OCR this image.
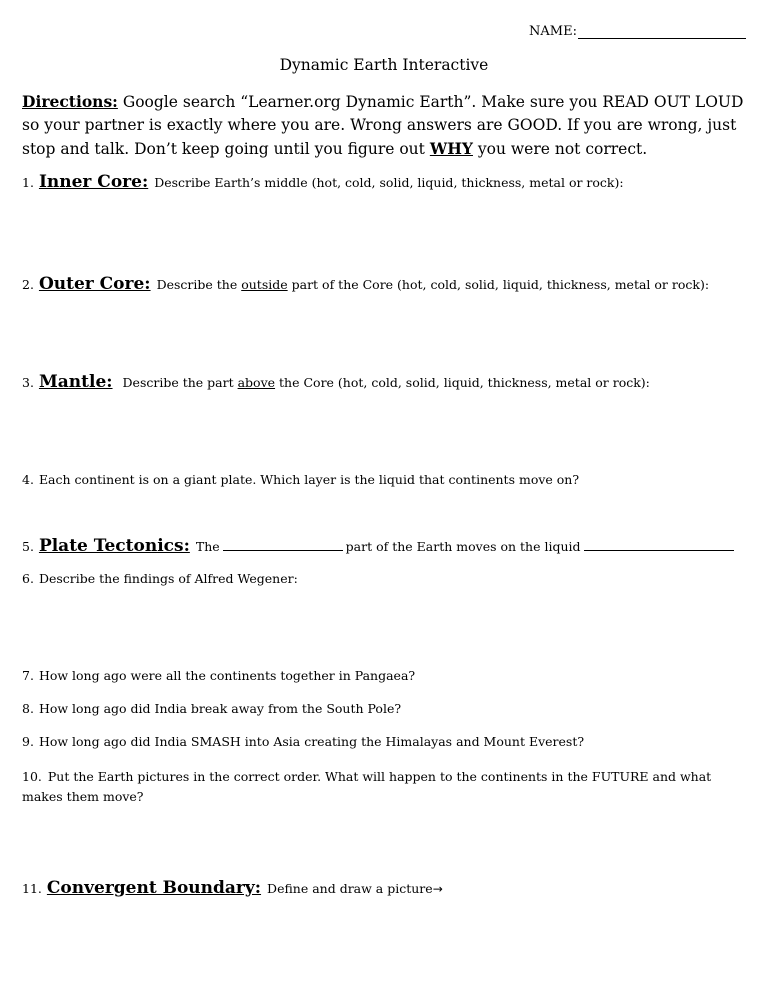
NAME:
Dynamic Earth Interactive
Directions: Google search “Learner.org Dynamic Earth”. Make sure you READ OUT LOUD so your partner is exactly where you are. Wrong answers are GOOD. If you are wrong, just stop and talk. Don’t keep going until you figure out WHY you were not correct.
1. Inner Core: Describe Earth’s middle (hot, cold, solid, liquid, thickness, metal or rock):
2. Outer Core: Describe the outside part of the Core (hot, cold, solid, liquid, thickness, metal or rock):
3. Mantle: Describe the part above the Core (hot, cold, solid, liquid, thickness, metal or rock):
4. Each continent is on a giant plate. Which layer is the liquid that continents move on?
5. Plate Tectonics: The	part of the Earth moves on the liquid
6. Describe the findings of Alfred Wegener:
7. How long ago were all the continents together in Pangaea?
8. How long ago did India break away from the South Pole?
9. How long ago did India SMASH into Asia creating the Himalayas and Mount Everest?
10. Put the Earth pictures in the correct order. What will happen to the continents in the FUTURE and what makes them move?
11. Convergent Boundary: Define and draw a picture→
